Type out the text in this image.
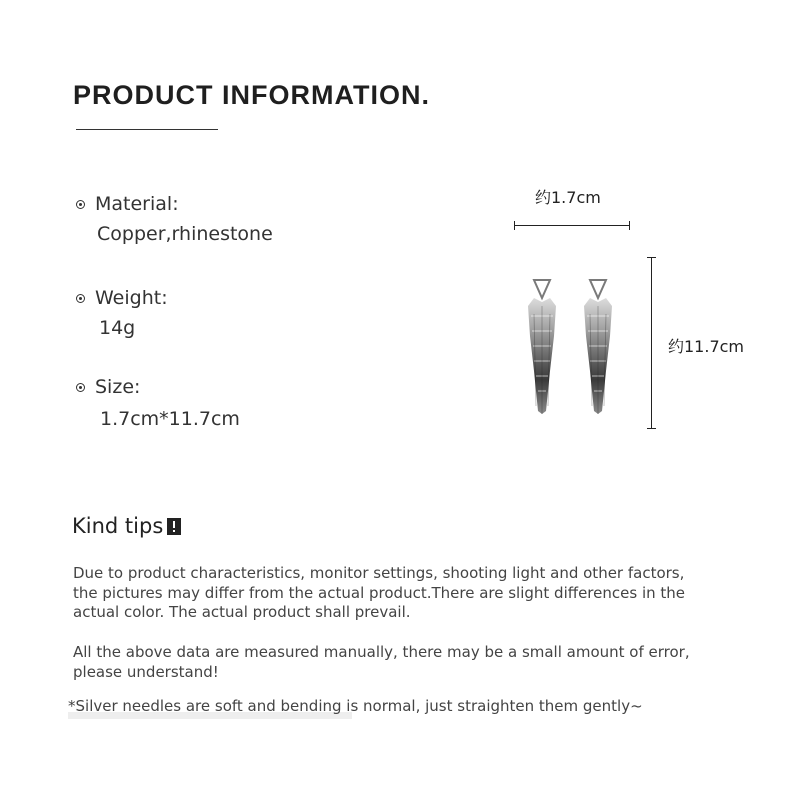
PRODUCT INFORMATION.
Material:
Copper,rhinestone
Weight:
14g
Size:
1.7cm*11.7cm
约1.7cm
约11.7cm
Kind tips

Due to product characteristics, monitor settings, shooting light and other factors, the pictures may differ from the actual product.There are slight differences in the actual color. The actual product shall prevail.

All the above data are measured manually, there may be a small amount of error, please understand!

*Silver needles are soft and bending is normal, just straighten them gently~
